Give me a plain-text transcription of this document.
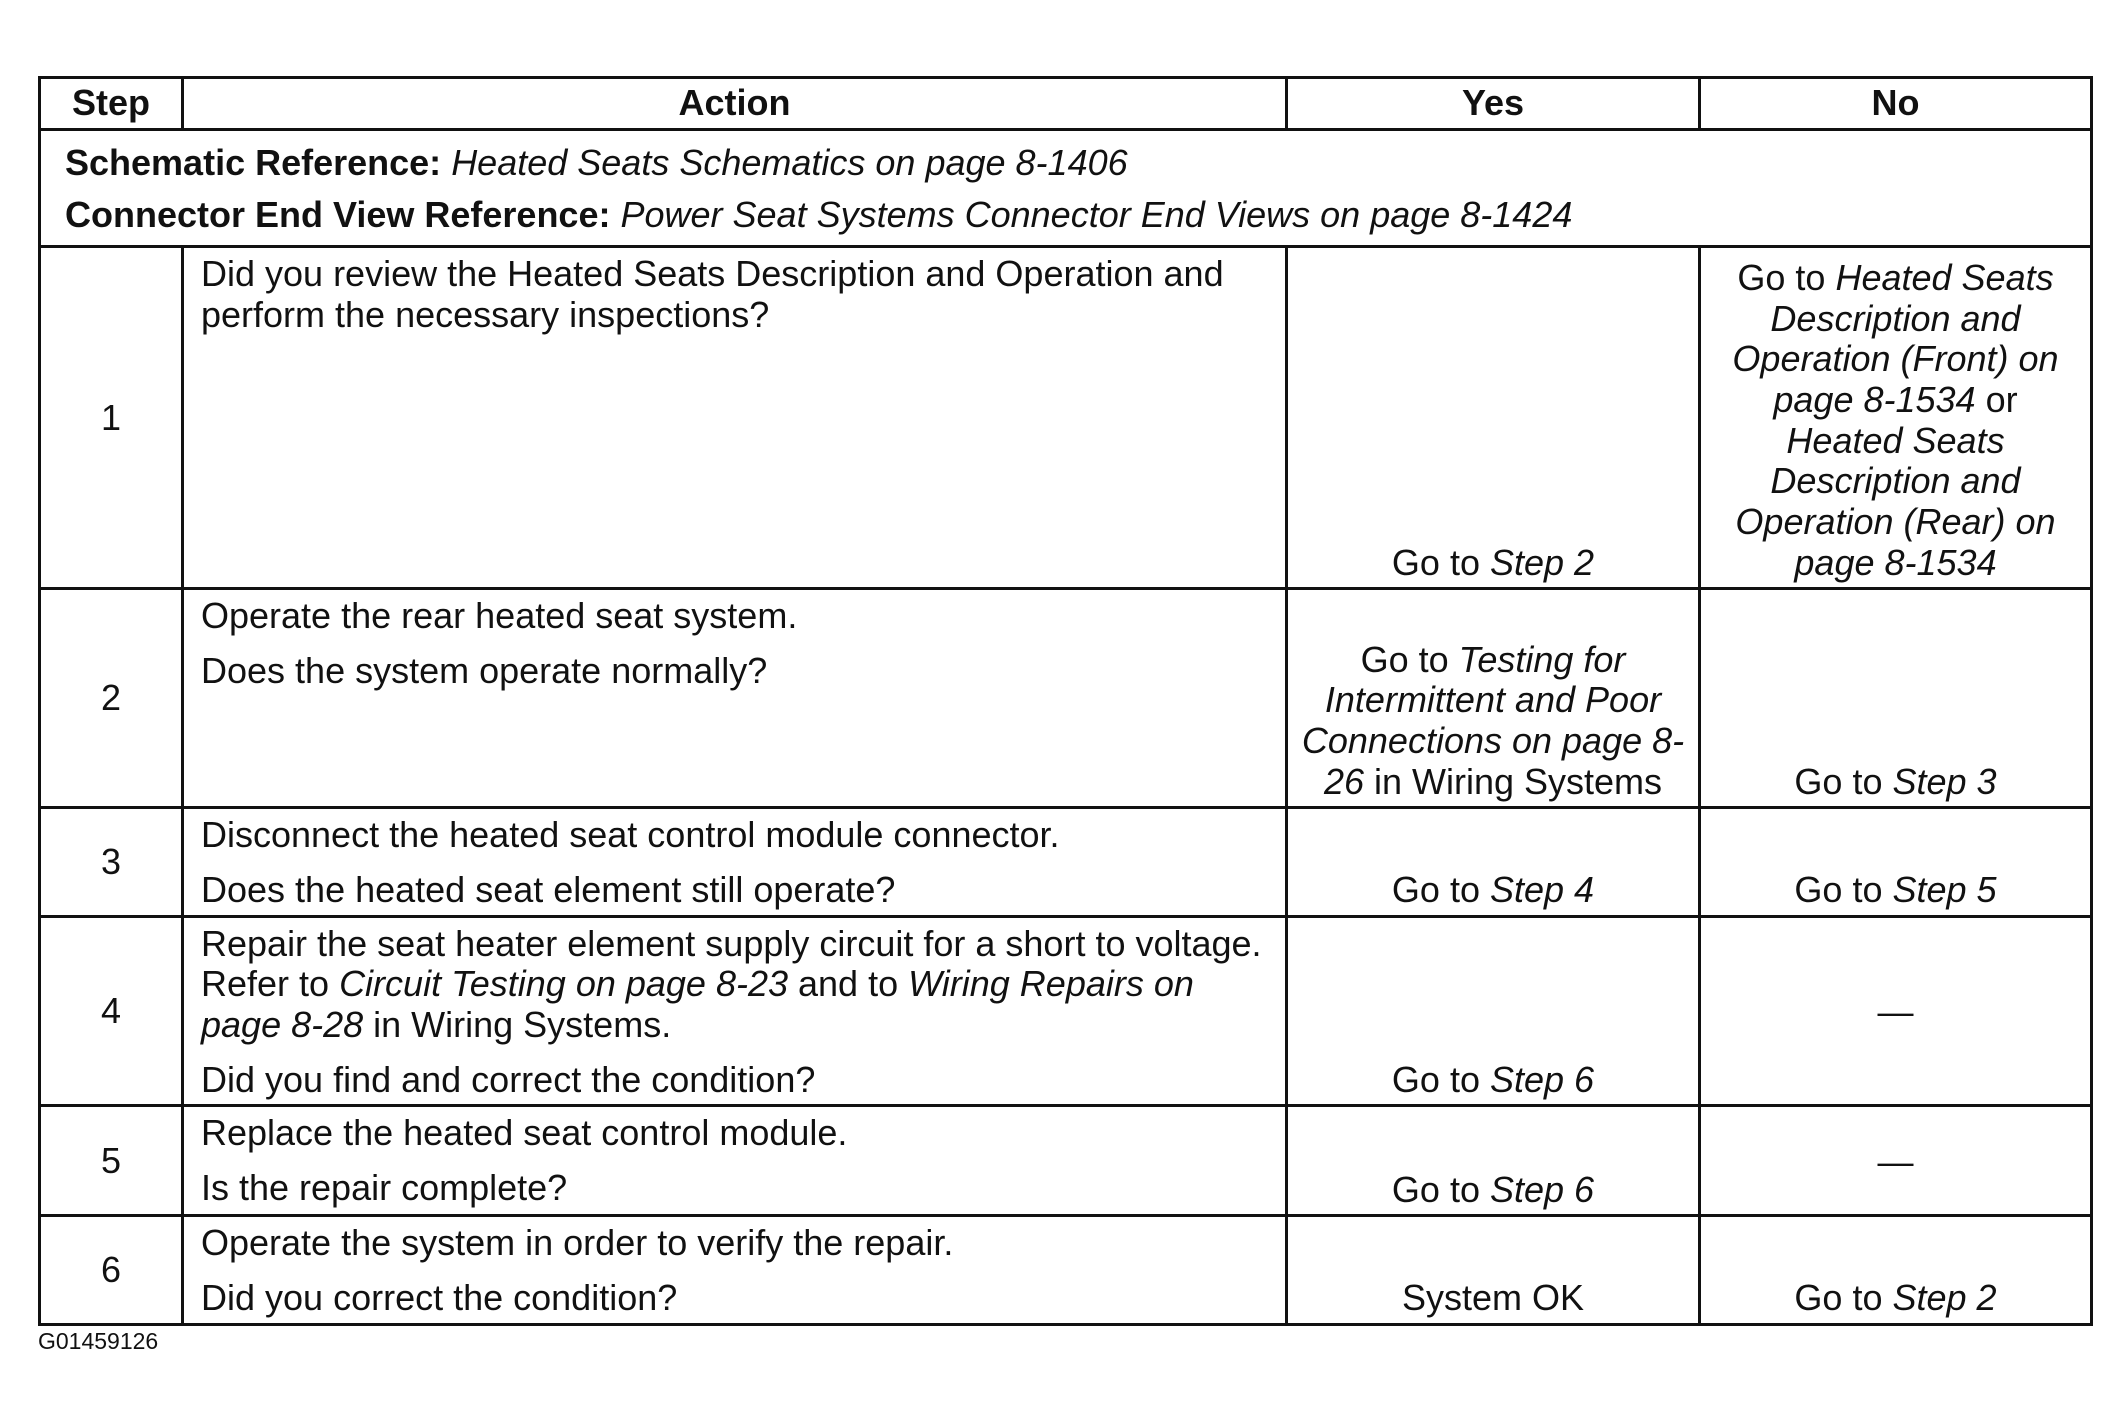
Step	Action	Yes	No

Schematic Reference: Heated Seats Schematics on page 8-1406
Connector End View Reference: Power Seat Systems Connector End Views on page 8-1424			

1	Did you review the Heated Seats Description and Operation and perform the necessary inspections?	Go to Step 2	Go to Heated Seats Description and Operation (Front) on page 8-1534 or Heated Seats Description and Operation (Rear) on page 8-1534
2	Operate the rear heated seat system.
Does the system operate normally?	Go to Testing for Intermittent and Poor Connections on page 8-26 in Wiring Systems	Go to Step 3
3	Disconnect the heated seat control module connector.
Does the heated seat element still operate?	Go to Step 4	Go to Step 5
4	Repair the seat heater element supply circuit for a short to voltage. Refer to Circuit Testing on page 8-23 and to Wiring Repairs on page 8-28 in Wiring Systems.
Did you find and correct the condition?	Go to Step 6	—
5	Replace the heated seat control module.
Is the repair complete?	Go to Step 6	—
6	Operate the system in order to verify the repair.
Did you correct the condition?	System OK	Go to Step 2
G01459126
